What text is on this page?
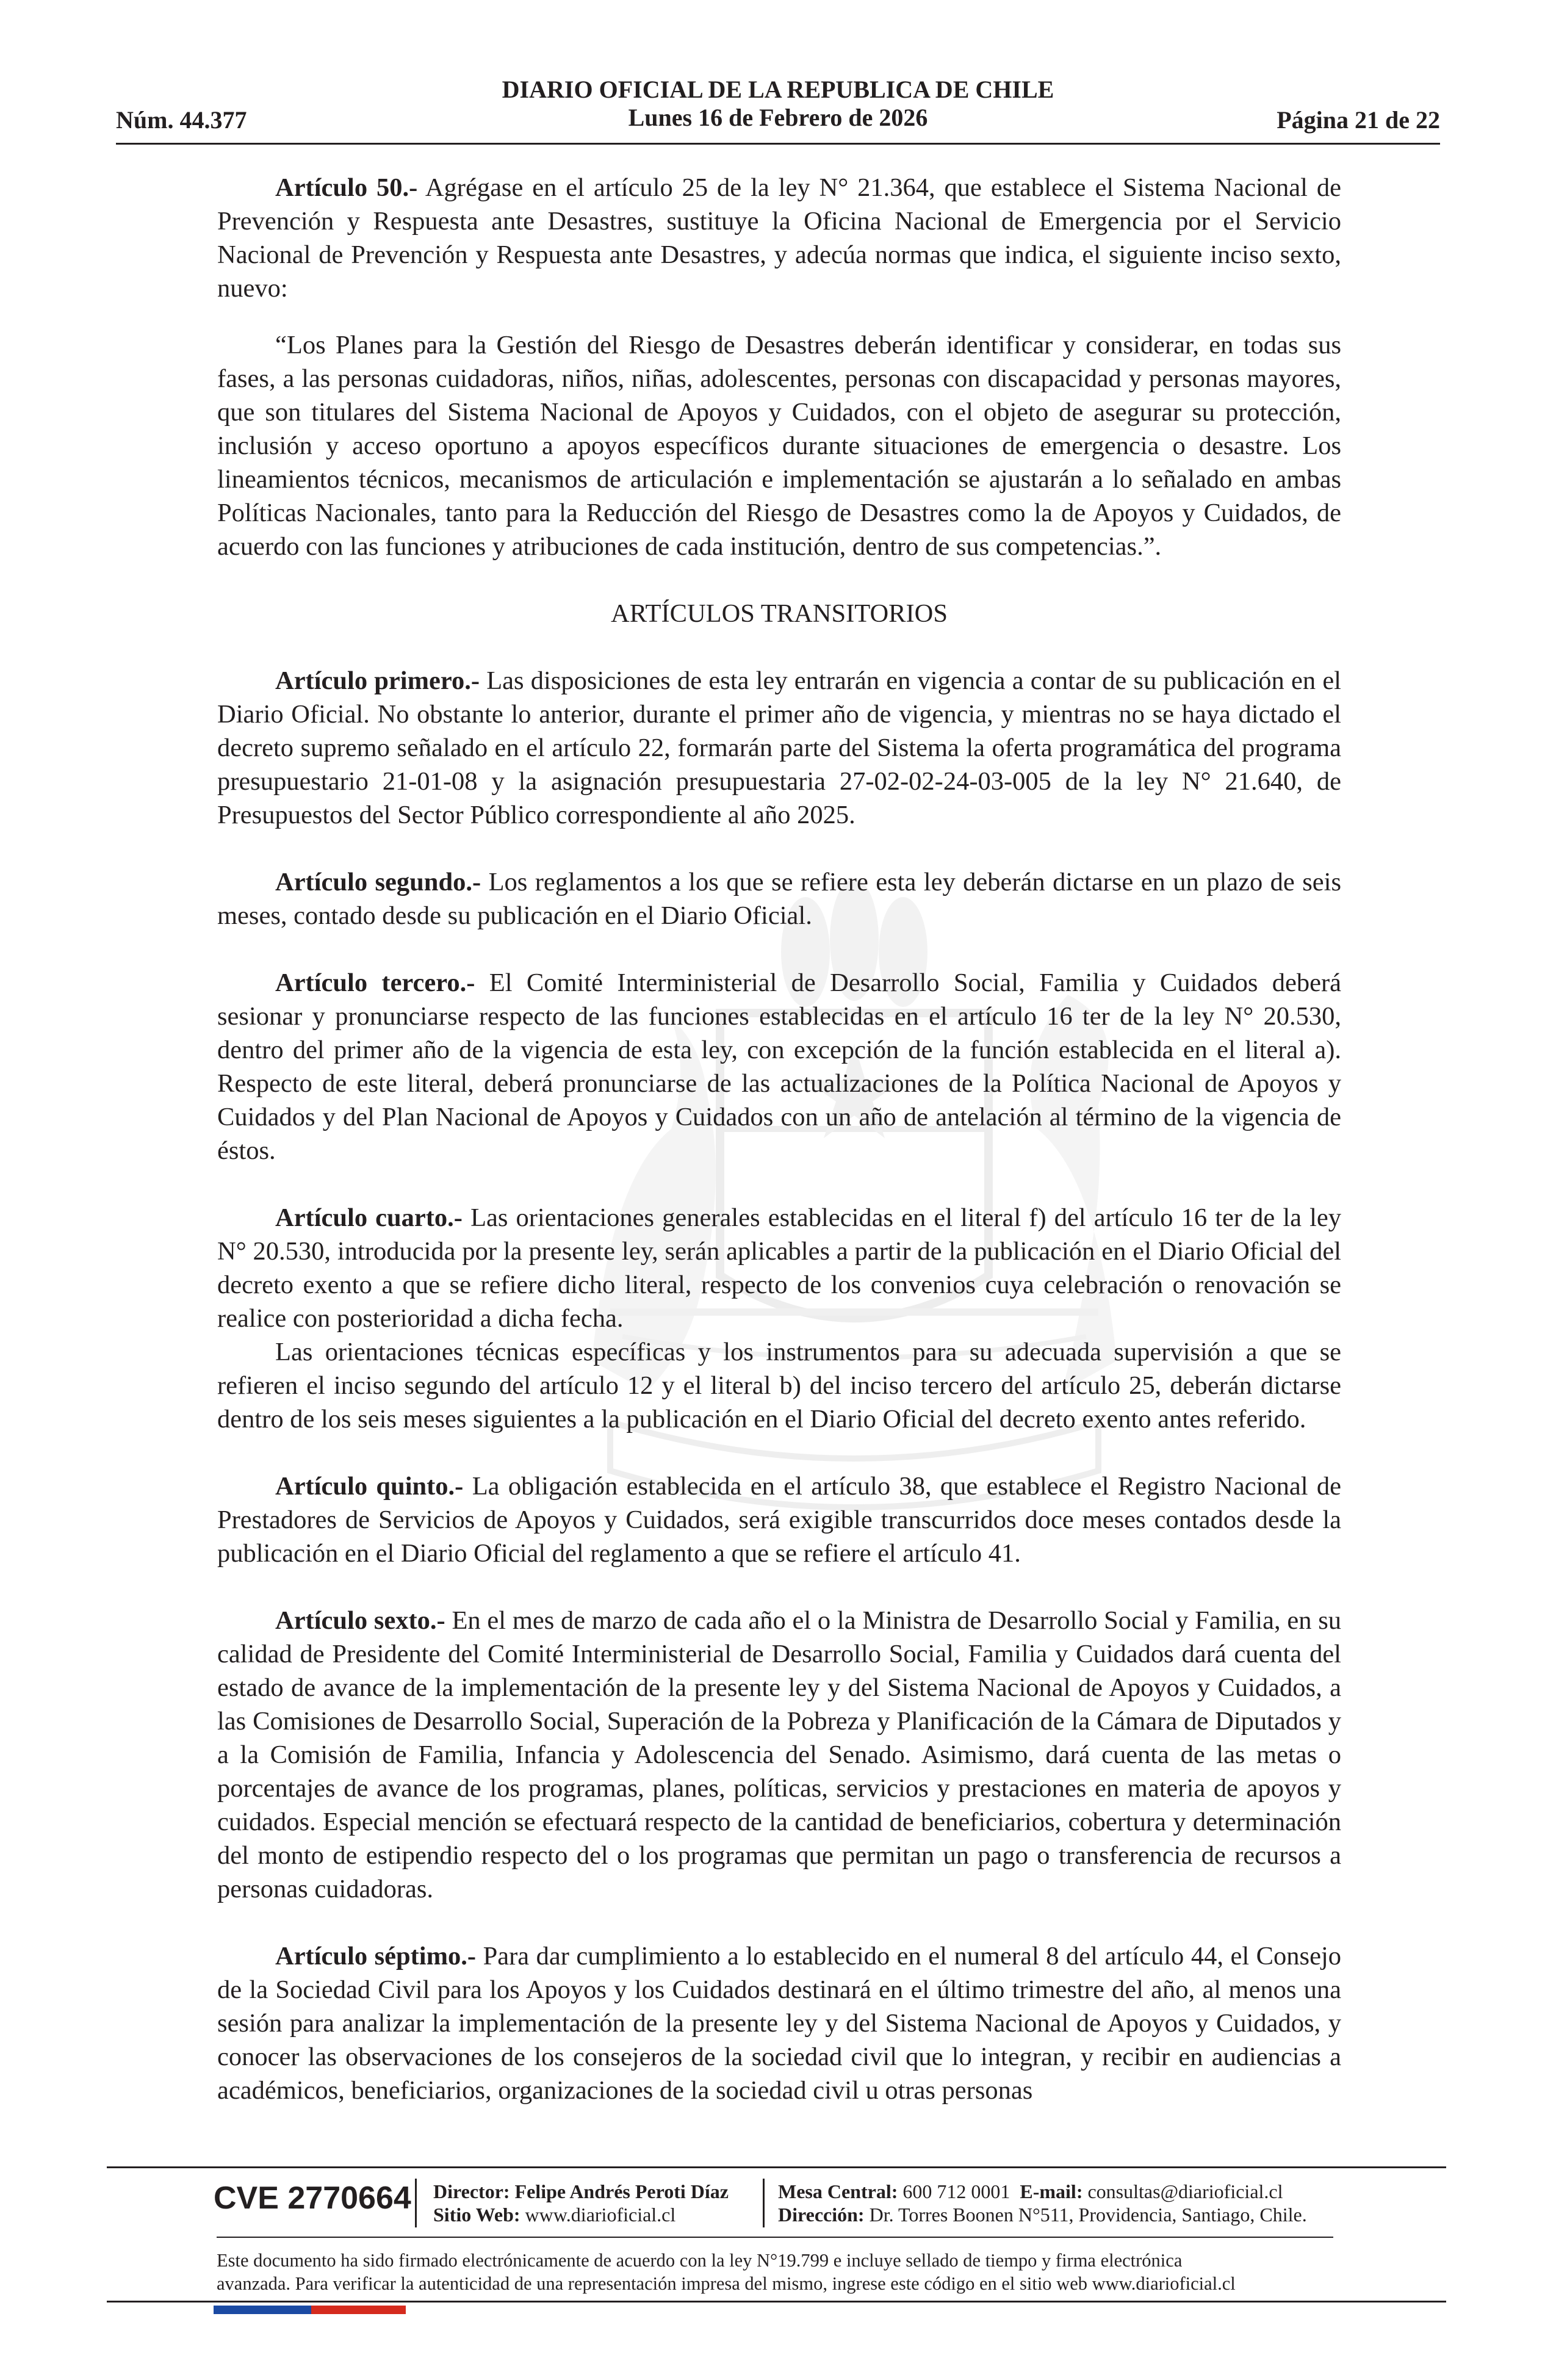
DIARIO OFICIAL DE LA REPUBLICA DE CHILE
Lunes 16 de Febrero de 2026
Núm. 44.377	Página 21 de 22

Artículo 50.- Agrégase en el artículo 25 de la ley N° 21.364, que establece el Sistema Nacional de Prevención y Respuesta ante Desastres, sustituye la Oficina Nacional de Emergencia por el Servicio Nacional de Prevención y Respuesta ante Desastres, y adecúa normas que indica, el siguiente inciso sexto, nuevo:

“Los Planes para la Gestión del Riesgo de Desastres deberán identificar y considerar, en todas sus fases, a las personas cuidadoras, niños, niñas, adolescentes, personas con discapacidad y personas mayores, que son titulares del Sistema Nacional de Apoyos y Cuidados, con el objeto de asegurar su protección, inclusión y acceso oportuno a apoyos específicos durante situaciones de emergencia o desastre. Los lineamientos técnicos, mecanismos de articulación e implementación se ajustarán a lo señalado en ambas Políticas Nacionales, tanto para la Reducción del Riesgo de Desastres como la de Apoyos y Cuidados, de acuerdo con las funciones y atribuciones de cada institución, dentro de sus competencias.”.

ARTÍCULOS TRANSITORIOS

Artículo primero.- Las disposiciones de esta ley entrarán en vigencia a contar de su publicación en el Diario Oficial. No obstante lo anterior, durante el primer año de vigencia, y mientras no se haya dictado el decreto supremo señalado en el artículo 22, formarán parte del Sistema la oferta programática del programa presupuestario 21-01-08 y la asignación presupuestaria 27-02-02-24-03-005 de la ley N° 21.640, de Presupuestos del Sector Público correspondiente al año 2025.

Artículo segundo.- Los reglamentos a los que se refiere esta ley deberán dictarse en un plazo de seis meses, contado desde su publicación en el Diario Oficial.

Artículo tercero.- El Comité Interministerial de Desarrollo Social, Familia y Cuidados deberá sesionar y pronunciarse respecto de las funciones establecidas en el artículo 16 ter de la ley N° 20.530, dentro del primer año de la vigencia de esta ley, con excepción de la función establecida en el literal a). Respecto de este literal, deberá pronunciarse de las actualizaciones de la Política Nacional de Apoyos y Cuidados y del Plan Nacional de Apoyos y Cuidados con un año de antelación al término de la vigencia de éstos.

Artículo cuarto.- Las orientaciones generales establecidas en el literal f) del artículo 16 ter de la ley N° 20.530, introducida por la presente ley, serán aplicables a partir de la publicación en el Diario Oficial del decreto exento a que se refiere dicho literal, respecto de los convenios cuya celebración o renovación se realice con posterioridad a dicha fecha.

Las orientaciones técnicas específicas y los instrumentos para su adecuada supervisión a que se refieren el inciso segundo del artículo 12 y el literal b) del inciso tercero del artículo 25, deberán dictarse dentro de los seis meses siguientes a la publicación en el Diario Oficial del decreto exento antes referido.

Artículo quinto.- La obligación establecida en el artículo 38, que establece el Registro Nacional de Prestadores de Servicios de Apoyos y Cuidados, será exigible transcurridos doce meses contados desde la publicación en el Diario Oficial del reglamento a que se refiere el artículo 41.

Artículo sexto.- En el mes de marzo de cada año el o la Ministra de Desarrollo Social y Familia, en su calidad de Presidente del Comité Interministerial de Desarrollo Social, Familia y Cuidados dará cuenta del estado de avance de la implementación de la presente ley y del Sistema Nacional de Apoyos y Cuidados, a las Comisiones de Desarrollo Social, Superación de la Pobreza y Planificación de la Cámara de Diputados y a la Comisión de Familia, Infancia y Adolescencia del Senado. Asimismo, dará cuenta de las metas o porcentajes de avance de los programas, planes, políticas, servicios y prestaciones en materia de apoyos y cuidados. Especial mención se efectuará respecto de la cantidad de beneficiarios, cobertura y determinación del monto de estipendio respecto del o los programas que permitan un pago o transferencia de recursos a personas cuidadoras.

Artículo séptimo.- Para dar cumplimiento a lo establecido en el numeral 8 del artículo 44, el Consejo de la Sociedad Civil para los Apoyos y los Cuidados destinará en el último trimestre del año, al menos una sesión para analizar la implementación de la presente ley y del Sistema Nacional de Apoyos y Cuidados, y conocer las observaciones de los consejeros de la sociedad civil que lo integran, y recibir en audiencias a académicos, beneficiarios, organizaciones de la sociedad civil u otras personas

CVE 2770664 Director: Felipe Andrés Peroti Díaz
Sitio Web: www.diarioficial.cl
Mesa Central: 600 712 0001 E-mail: consultas@diarioficial.cl
Dirección: Dr. Torres Boonen N°511, Providencia, Santiago, Chile.
Este documento ha sido firmado electrónicamente de acuerdo con la ley N°19.799 e incluye sellado de tiempo y firma electrónica
avanzada. Para verificar la autenticidad de una representación impresa del mismo, ingrese este código en el sitio web www.diarioficial.cl
